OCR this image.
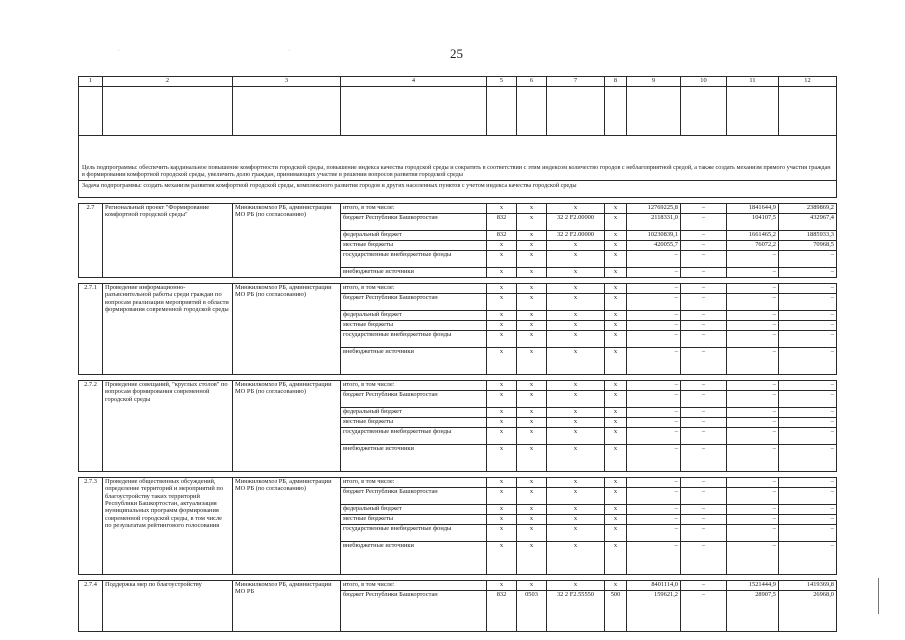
25
·	·
1	2	3	4	5	6	7	8	9	10	11	12

Цель подпрограммы: обеспечить кардинальное повышение комфортности городской среды, повышение индекса качества городской среды и сократить в соответствии с этим индексом количество городов с неблагоприятной средой, а также создать механизм прямого участия граждан в формировании комфортной городской среды, увеличить долю граждан, принимающих участие в решении вопросов развития городской среды											
Задача подпрограммы: создать механизм развития комфортной городской среды, комплексного развития городов и других населенных пунктов с учетом индекса качества городской среды											

2.7	Региональный проект "Формирование комфортной городской среды"	Минжилкомхоз РБ, администрации МО РБ (по согласованию)	итого, в том числе:	x	x	x	x	12769225,8	–	1841644,9	2389869,2
			бюджет Республики Башкортостан	832	x	32 2 F2.00000	x	2118331,0	–	104107,5	432967,4
			федеральный бюджет	832	x	32 2 F2.00000	x	10230839,1	–	1661465,2	1885933,3
			местные бюджеты	x	x	x	x	420055,7	–	76072,2	70968,5
			государственные внебюджетные фонды	x	x	x	x	–	–	–	–
			внебюджетные источники	x	x	x	x	–	–	–	–

2.7.1	Проведение информационно-разъяснительной работы среди граждан по вопросам реализации мероприятий в области формирования современной городской среды	Минжилкомхоз РБ, администрации МО РБ (по согласованию)	итого, в том числе:	x	x	x	x	–	–	–	–
			бюджет Республики Башкортостан	x	x	x	x	–	–	–	–
			федеральный бюджет	x	x	x	x	–	–	–	–
			местные бюджеты	x	x	x	x	–	–	–	–
			государственные внебюджетные фонды	x	x	x	x	–	–	–	–
			внебюджетные источники	x	x	x	x	–	–	–	–

2.7.2	Проведение совещаний, "круглых столов" по вопросам формирования современной городской среды	Минжилкомхоз РБ, администрации МО РБ (по согласованию)	итого, в том числе:	x	x	x	x	–	–	–	–
			бюджет Республики Башкортостан	x	x	x	x	–	–	–	–
			федеральный бюджет	x	x	x	x	–	–	–	–
			местные бюджеты	x	x	x	x	–	–	–	–
			государственные внебюджетные фонды	x	x	x	x	–	–	–	–
			внебюджетные источники	x	x	x	x	–	–	–	–

2.7.3	Проведение общественных обсуждений, определение территорий и мероприятий по благоустройству таких территорий Республики Башкортостан, актуализация муниципальных программ формирования современной городской среды, в том числе по результатам рейтингового голосования	Минжилкомхоз РБ, администрации МО РБ (по согласованию)	итого, в том числе:	x	x	x	x	–	–	–	–
			бюджет Республики Башкортостан	x	x	x	x	–	–	–	–
			федеральный бюджет	x	x	x	x	–	–	–	–
			местные бюджеты	x	x	x	x	–	–	–	–
			государственные внебюджетные фонды	x	x	x	x	–	–	–	–
			внебюджетные источники	x	x	x	x	–	–	–	–

2.7.4	Поддержка мер по благоустройству	Минжилкомхоз РБ, администрации МО РБ	итого, в том числе:	x	x	x	x	8401114,0	–	1521444,9	1419369,8
			бюджет Республики Башкортостан	832	0503	32 2 F2.55550	500	159621,2	–	28907,5	26968,0
